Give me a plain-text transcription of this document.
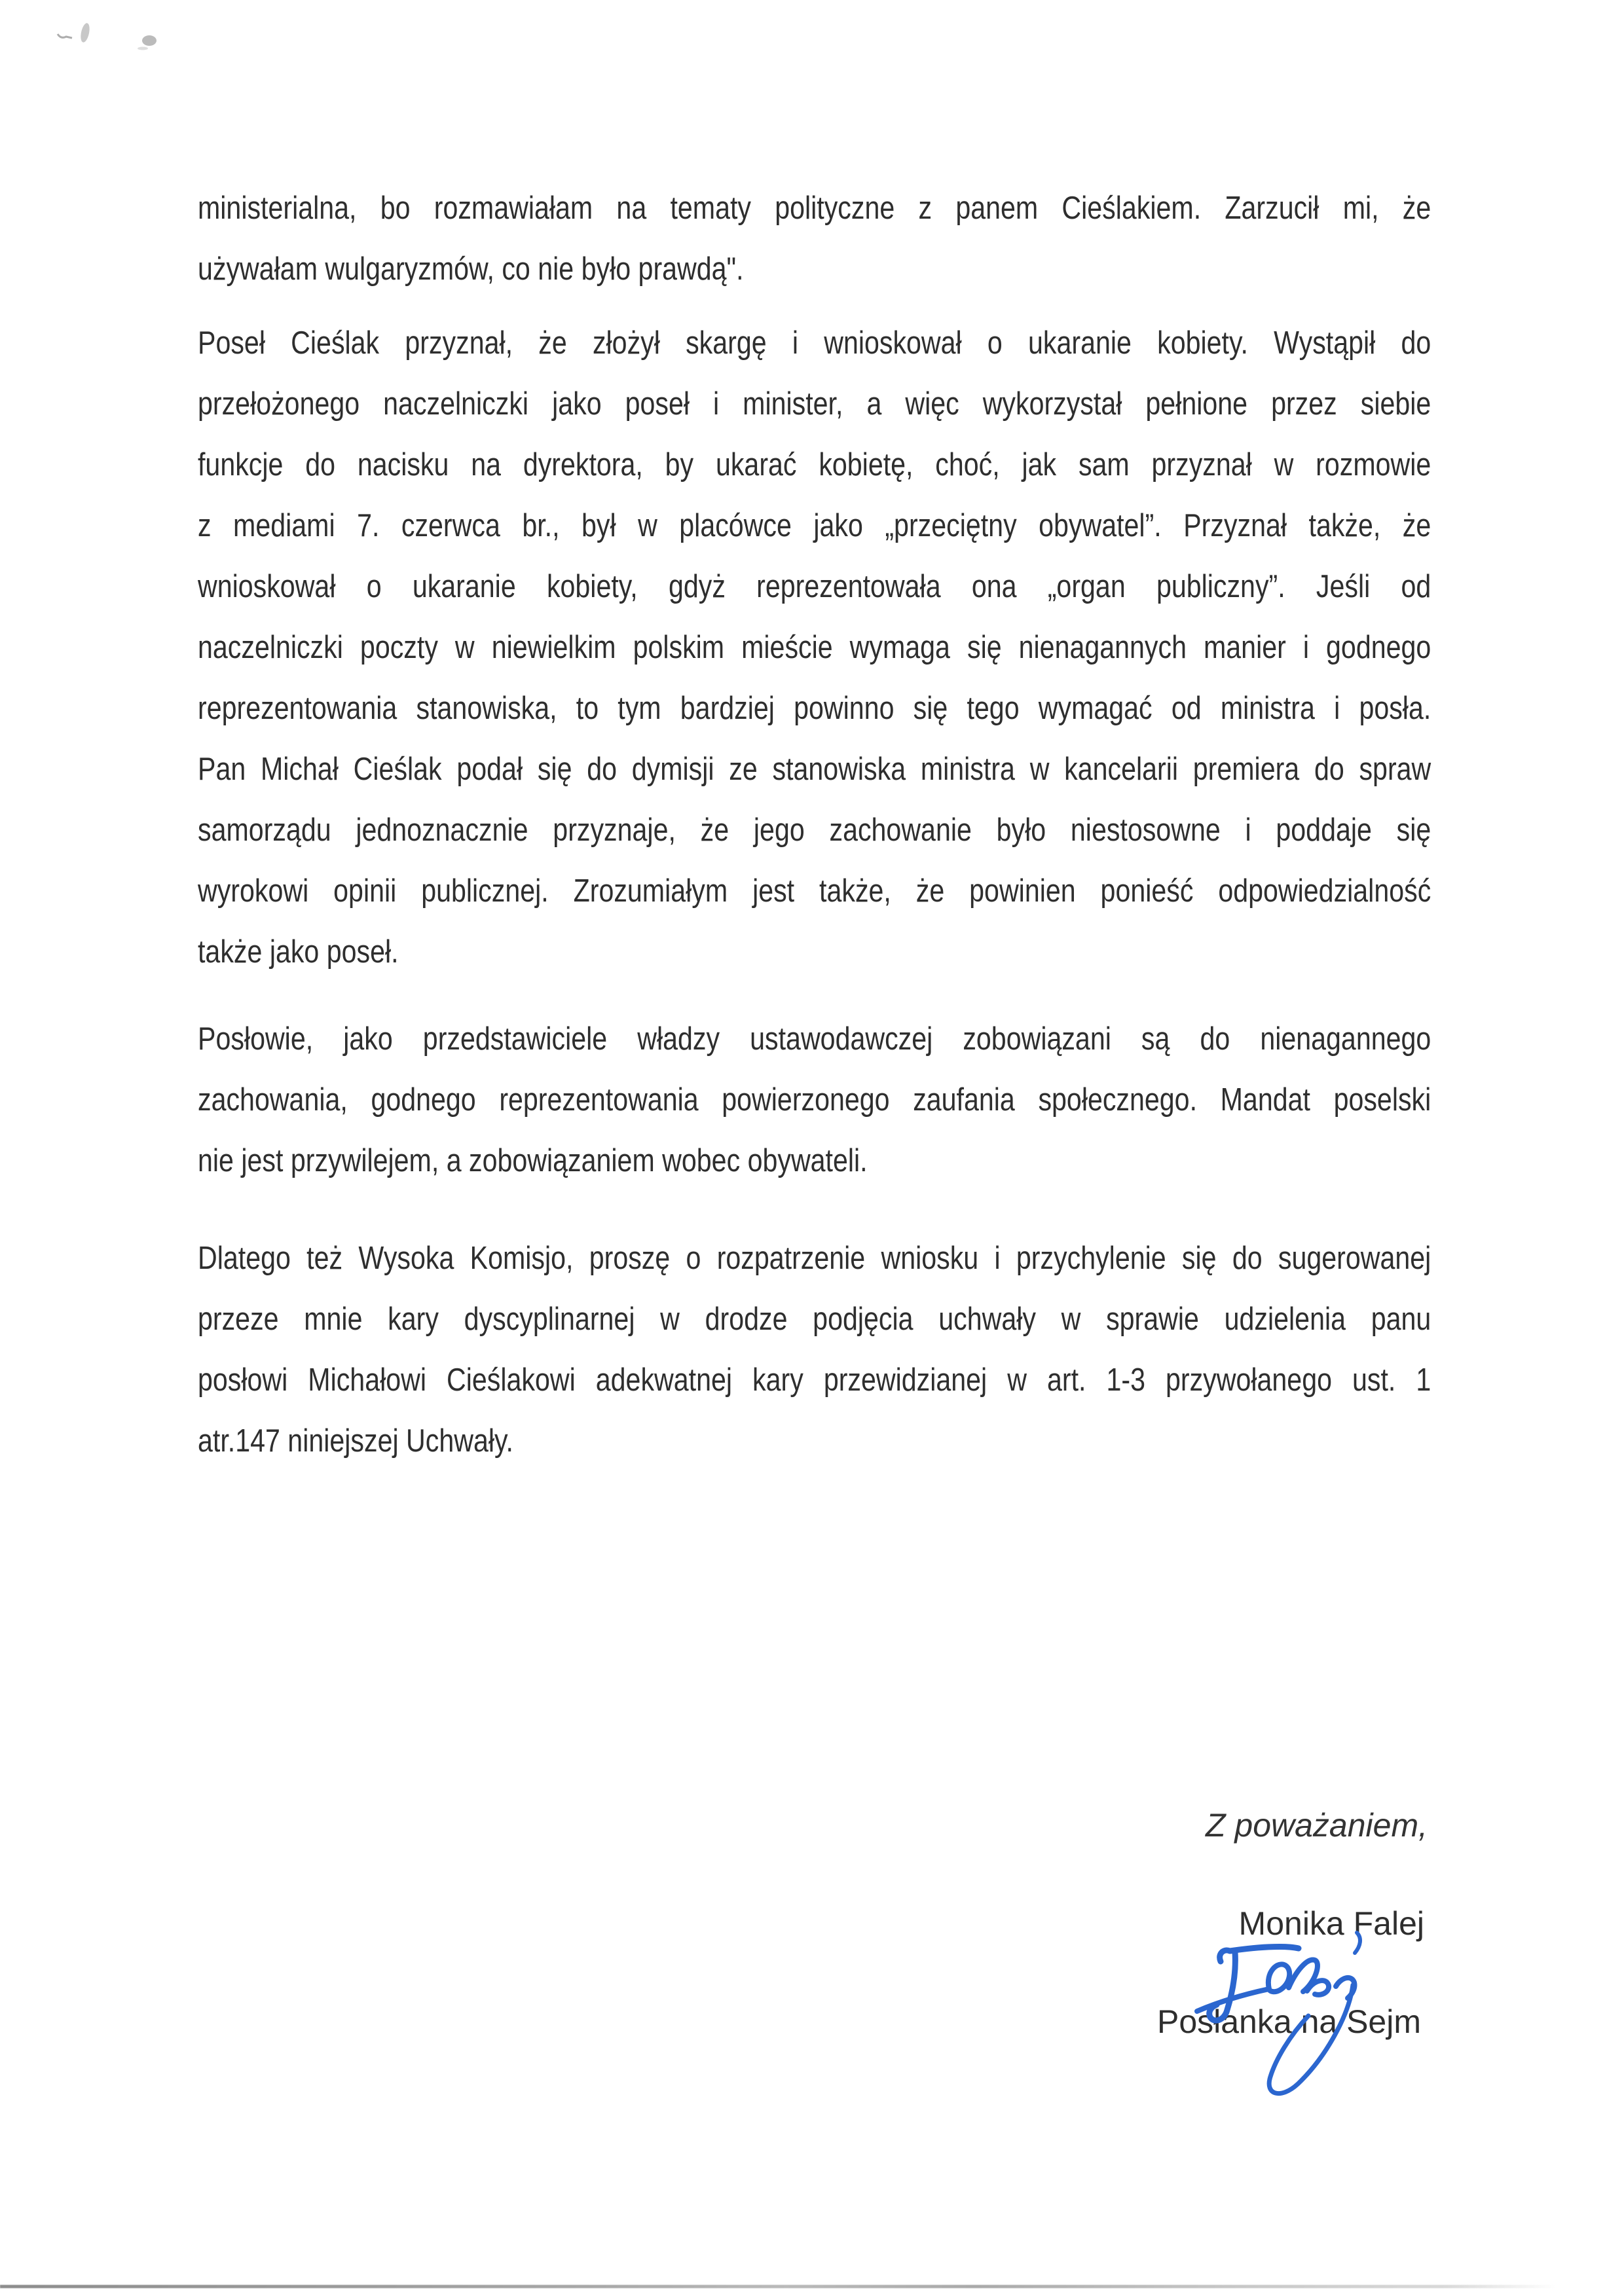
ministerialna, bo rozmawiałam na tematy polityczne z panem Cieślakiem. Zarzucił mi, że
używałam wulgaryzmów, co nie było prawdą".
Poseł Cieślak przyznał, że złożył skargę i wnioskował o ukaranie kobiety. Wystąpił do
przełożonego naczelniczki jako poseł i minister, a więc wykorzystał pełnione przez siebie
funkcje do nacisku na dyrektora, by ukarać kobietę, choć, jak sam przyznał w rozmowie
z mediami 7. czerwca br., był w placówce jako „przeciętny obywatel”. Przyznał także, że
wnioskował o ukaranie kobiety, gdyż reprezentowała ona „organ publiczny”. Jeśli od
naczelniczki poczty w niewielkim polskim mieście wymaga się nienagannych manier i godnego
reprezentowania stanowiska, to tym bardziej powinno się tego wymagać od ministra i posła.
Pan Michał Cieślak podał się do dymisji ze stanowiska ministra w kancelarii premiera do spraw
samorządu jednoznacznie przyznaje, że jego zachowanie było niestosowne i poddaje się
wyrokowi opinii publicznej. Zrozumiałym jest także, że powinien ponieść odpowiedzialność
także jako poseł.
Posłowie, jako przedstawiciele władzy ustawodawczej zobowiązani są do nienagannego
zachowania, godnego reprezentowania powierzonego zaufania społecznego. Mandat poselski
nie jest przywilejem, a zobowiązaniem wobec obywateli.
Dlatego też Wysoka Komisjo, proszę o rozpatrzenie wniosku i przychylenie się do sugerowanej
przeze mnie kary dyscyplinarnej w drodze podjęcia uchwały w sprawie udzielenia panu
posłowi Michałowi Cieślakowi adekwatnej kary przewidzianej w art. 1-3 przywołanego ust. 1
atr.147 niniejszej Uchwały.
Z poważaniem,
Monika Falej
Posłanka na Sejm
